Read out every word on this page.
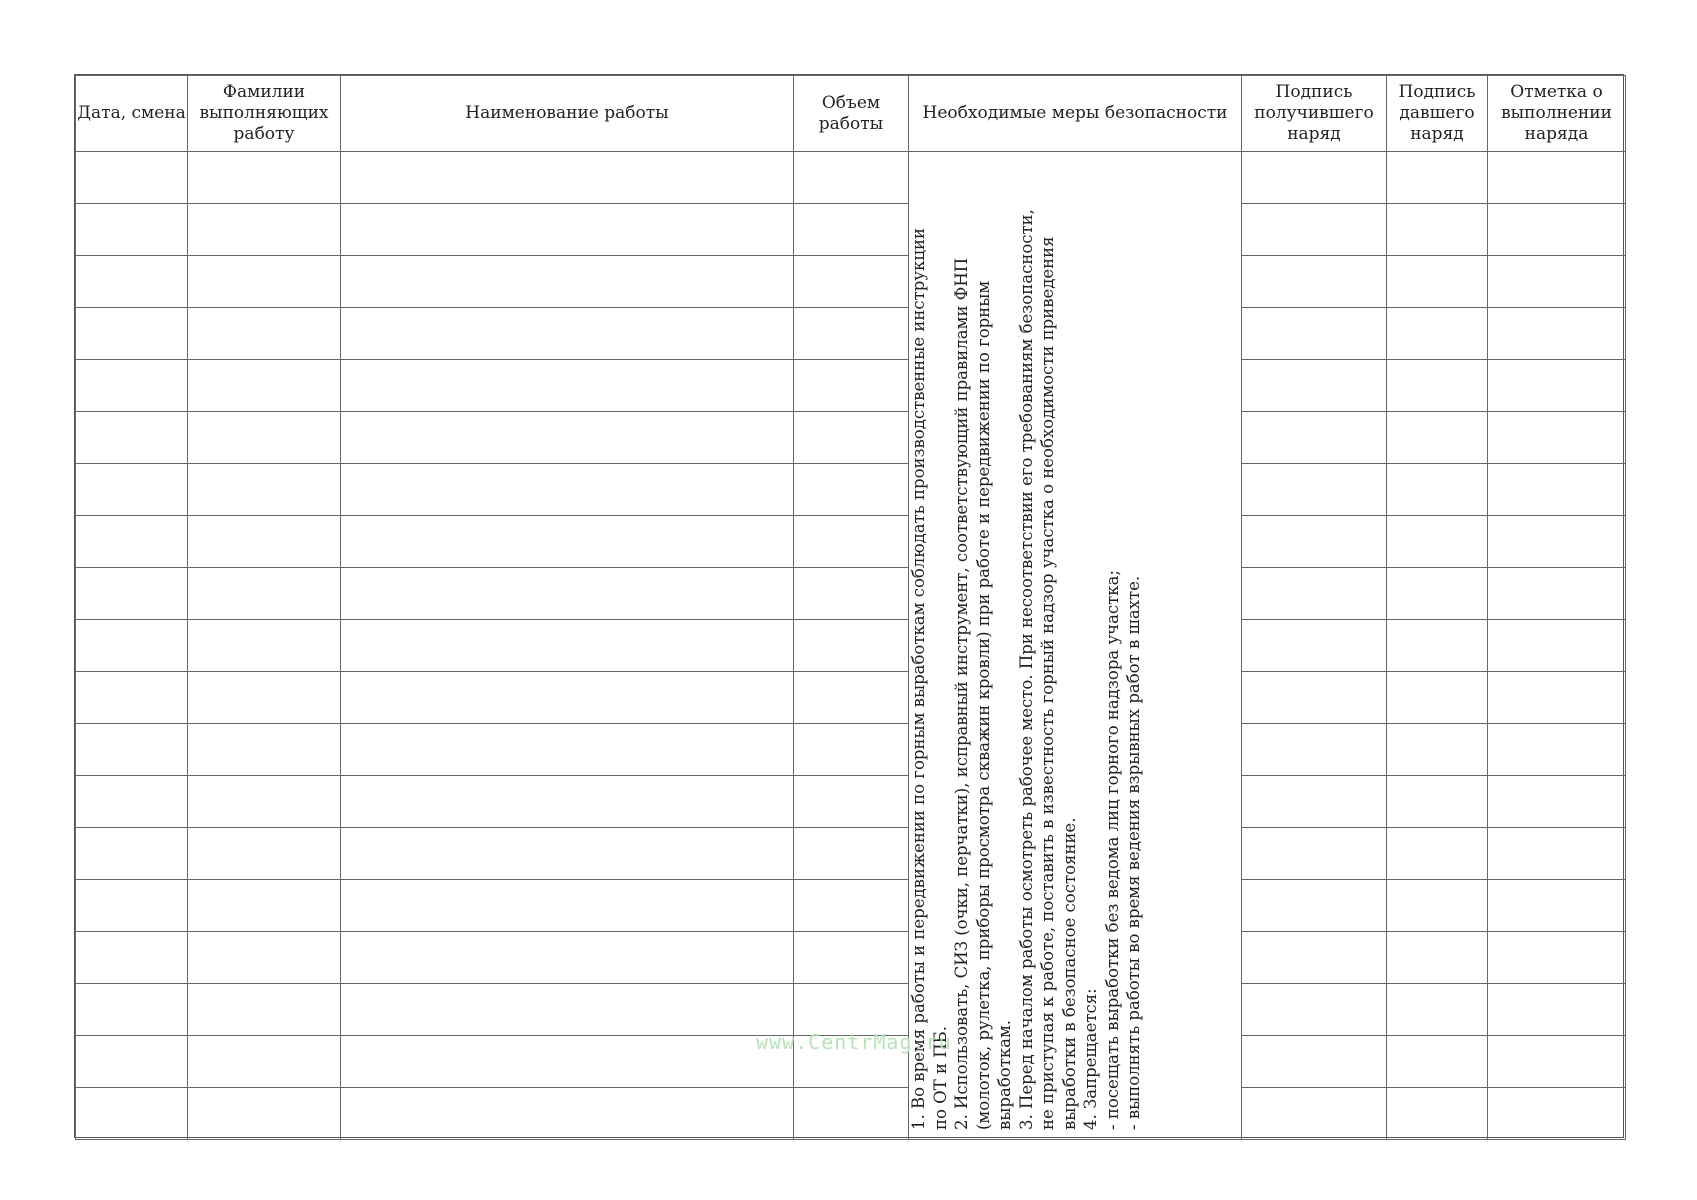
Дата, смена	Фамилии выполняющих работу	Наименование работы	Объем работы	Необходимые меры безопасности	Подпись получившего наряд	Подпись давшего наряд	Отметка о выполнении наряда

1. Во время работы и передвижении по горным выработкам соблюдать производственные инструкции по ОТ и ПБ. 2. Использовать, СИЗ (очки, перчатки), исправный инструмент, соответствующий правилами ФНП (молоток, рулетка, приборы просмотра скважин кровли) при работе и передвижении по горным выработкам. 3. Перед началом работы осмотреть рабочее место. При несоответствии его требованиям безопасности, не приступая к работе, поставить в известность горный надзор участка о необходимости приведения выработки в безопасное состояние. 4. Запрещается: - посещать выработки без ведома лиц горного надзора участка; - выполнять работы во время ведения взрывных работ в шахте.

www.CentrMag.ru
